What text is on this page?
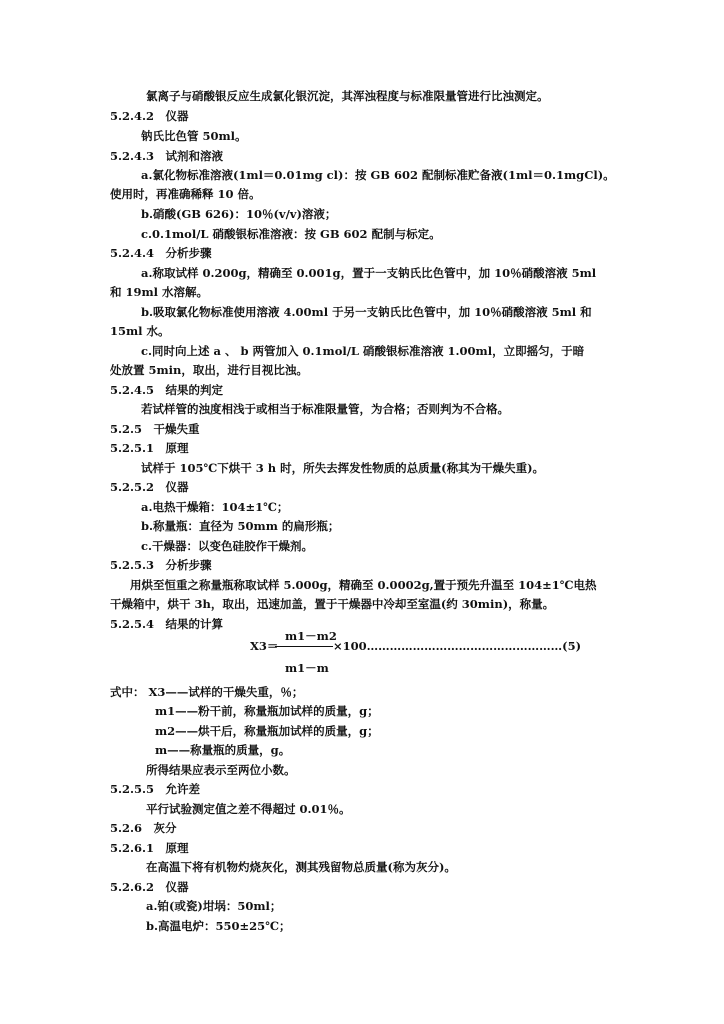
氯离子与硝酸银反应生成氯化银沉淀，其浑浊程度与标准限量管进行比浊测定。
5.2.4.2　仪器
钠氏比色管 50ml。
5.2.4.3　试剂和溶液
a.氯化物标准溶液(1ml＝0.01mg cl)：按 GB 602 配制标准贮备液(1ml＝0.1mgCl)。
使用时，再准确稀释 10 倍。
b.硝酸(GB 626)：10％(v/v)溶液；
c.0.1mol/L 硝酸银标准溶液：按 GB 602 配制与标定。
5.2.4.4　分析步骤
a.称取试样 0.200g，精确至 0.001g，置于一支钠氏比色管中，加 10％硝酸溶液 5ml
和 19ml 水溶解。
b.吸取氯化物标准使用溶液 4.00ml 于另一支钠氏比色管中，加 10％硝酸溶液 5ml 和
15ml 水。
c.同时向上述 a 、 b 两管加入 0.1mol/L 硝酸银标准溶液 1.00ml，立即摇匀，于暗
处放置 5min，取出，进行目视比浊。
5.2.4.5　结果的判定
若试样管的浊度相浅于或相当于标准限量管，为合格；否则判为不合格。
5.2.5　干燥失重
5.2.5.1　原理
试样于 105℃下烘干 3 h 时，所失去挥发性物质的总质量(称其为干燥失重)。
5.2.5.2　仪器
a.电热干燥箱：104±1℃；
b.称量瓶：直径为 50mm 的扁形瓶；
c.干燥器：以变色硅胶作干燥剂。
5.2.5.3　分析步骤
用烘至恒重之称量瓶称取试样 5.000g，精确至 0.0002g,置于预先升温至 104±1℃电热
干燥箱中，烘干 3h，取出，迅速加盖，置于干燥器中冷却至室温(约 30min)，称量。
5.2.5.4　结果的计算
m1－m2
X3＝	×100……………………………………………(5)
m1－m
式中： X3——试样的干燥失重，％；
m1——粉干前，称量瓶加试样的质量，g；
m2——烘干后，称量瓶加试样的质量，g；
m——称量瓶的质量，g。
所得结果应表示至两位小数。
5.2.5.5　允许差
平行试验测定值之差不得超过 0.01％。
5.2.6　灰分
5.2.6.1　原理
在高温下将有机物灼烧灰化，测其残留物总质量(称为灰分)。
5.2.6.2　仪器
a.铂(或瓷)坩埚：50ml；
b.高温电炉：550±25℃；
